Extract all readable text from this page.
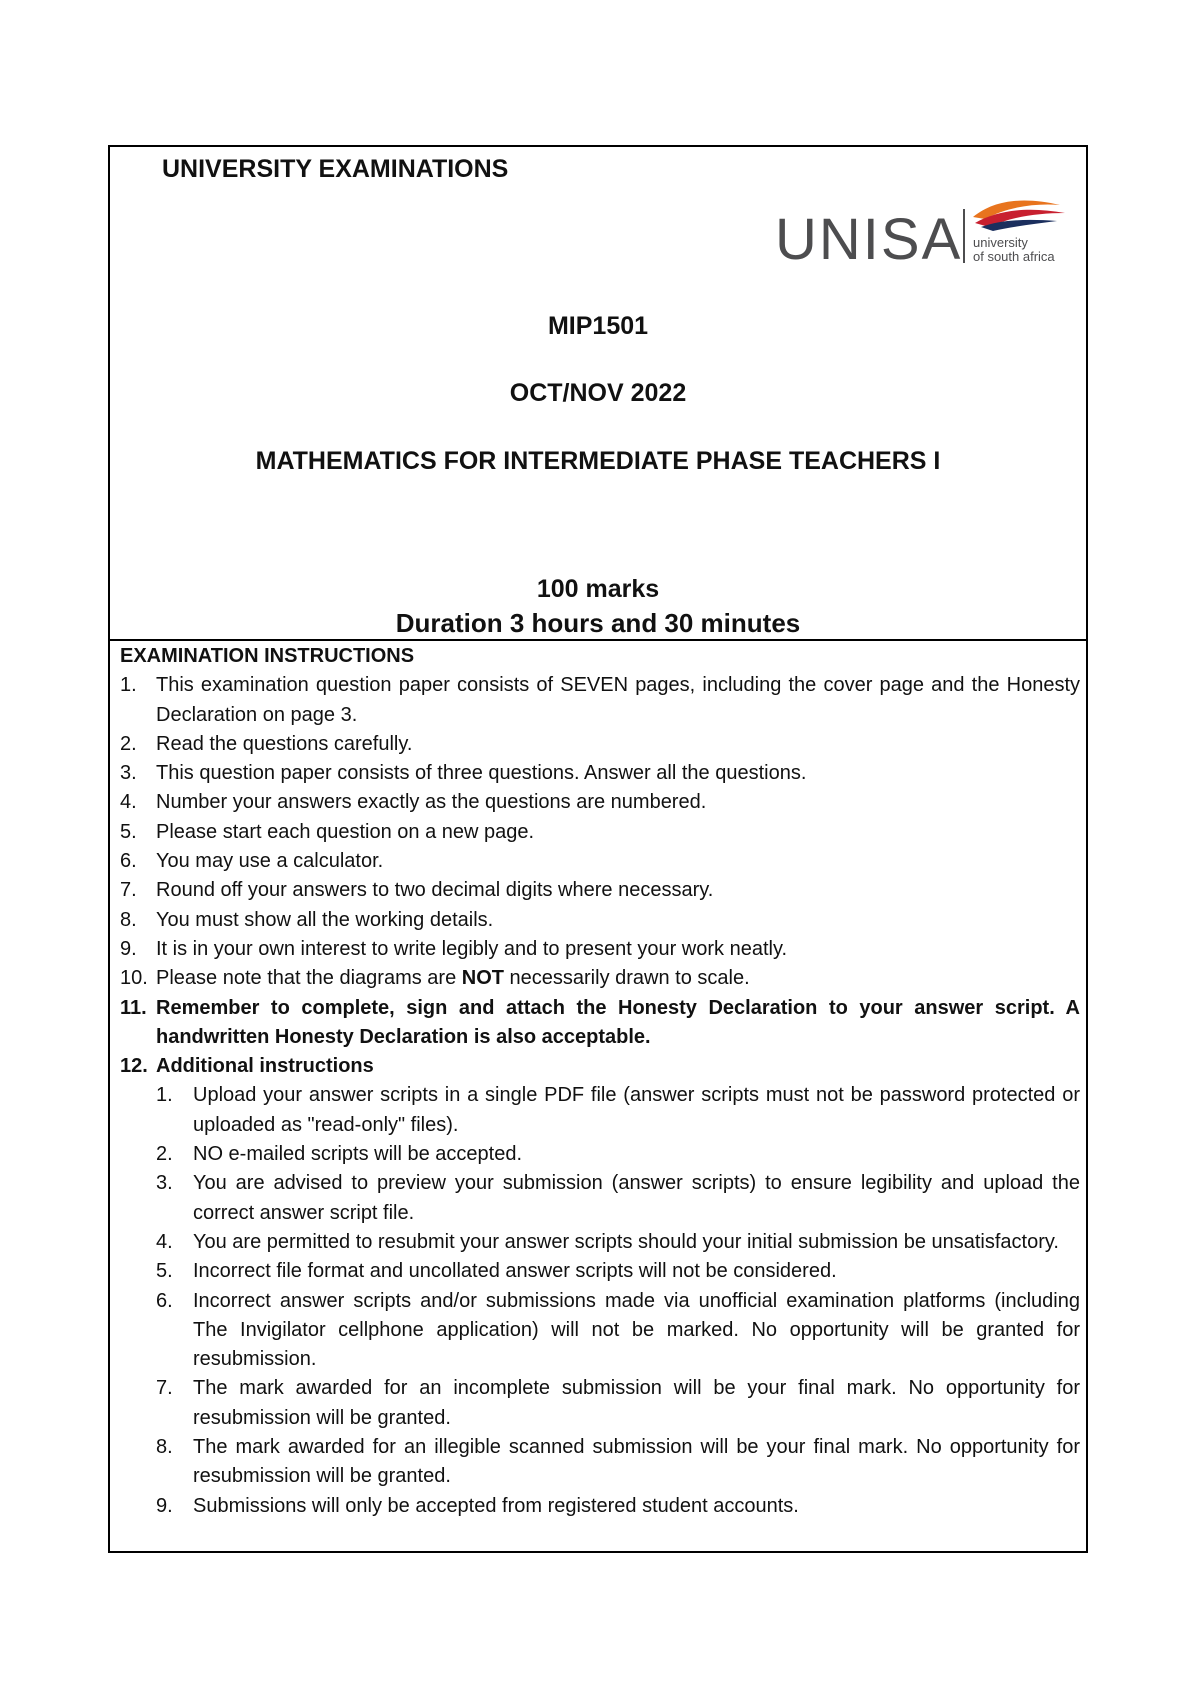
UNIVERSITY EXAMINATIONS
UNISA university
of south africa
MIP1501
OCT/NOV 2022
MATHEMATICS FOR INTERMEDIATE PHASE TEACHERS I
100 marks
Duration 3 hours and 30 minutes
EXAMINATION INSTRUCTIONS
1. This examination question paper consists of SEVEN pages, including the cover page and the Honesty Declaration on page 3.
2. Read the questions carefully.
3. This question paper consists of three questions. Answer all the questions.
4. Number your answers exactly as the questions are numbered.
5. Please start each question on a new page.
6. You may use a calculator.
7. Round off your answers to two decimal digits where necessary.
8. You must show all the working details.
9. It is in your own interest to write legibly and to present your work neatly.
10. Please note that the diagrams are NOT necessarily drawn to scale.
11. Remember to complete, sign and attach the Honesty Declaration to your answer script. A handwritten Honesty Declaration is also acceptable.
12. Additional instructions
1. Upload your answer scripts in a single PDF file (answer scripts must not be password protected or uploaded as "read-only" files).
2. NO e-mailed scripts will be accepted.
3. You are advised to preview your submission (answer scripts) to ensure legibility and upload the correct answer script file.
4. You are permitted to resubmit your answer scripts should your initial submission be unsatisfactory.
5. Incorrect file format and uncollated answer scripts will not be considered.
6. Incorrect answer scripts and/or submissions made via unofficial examination platforms (including The Invigilator cellphone application) will not be marked. No opportunity will be granted for resubmission.
7. The mark awarded for an incomplete submission will be your final mark. No opportunity for resubmission will be granted.
8. The mark awarded for an illegible scanned submission will be your final mark. No opportunity for resubmission will be granted.
9. Submissions will only be accepted from registered student accounts.
